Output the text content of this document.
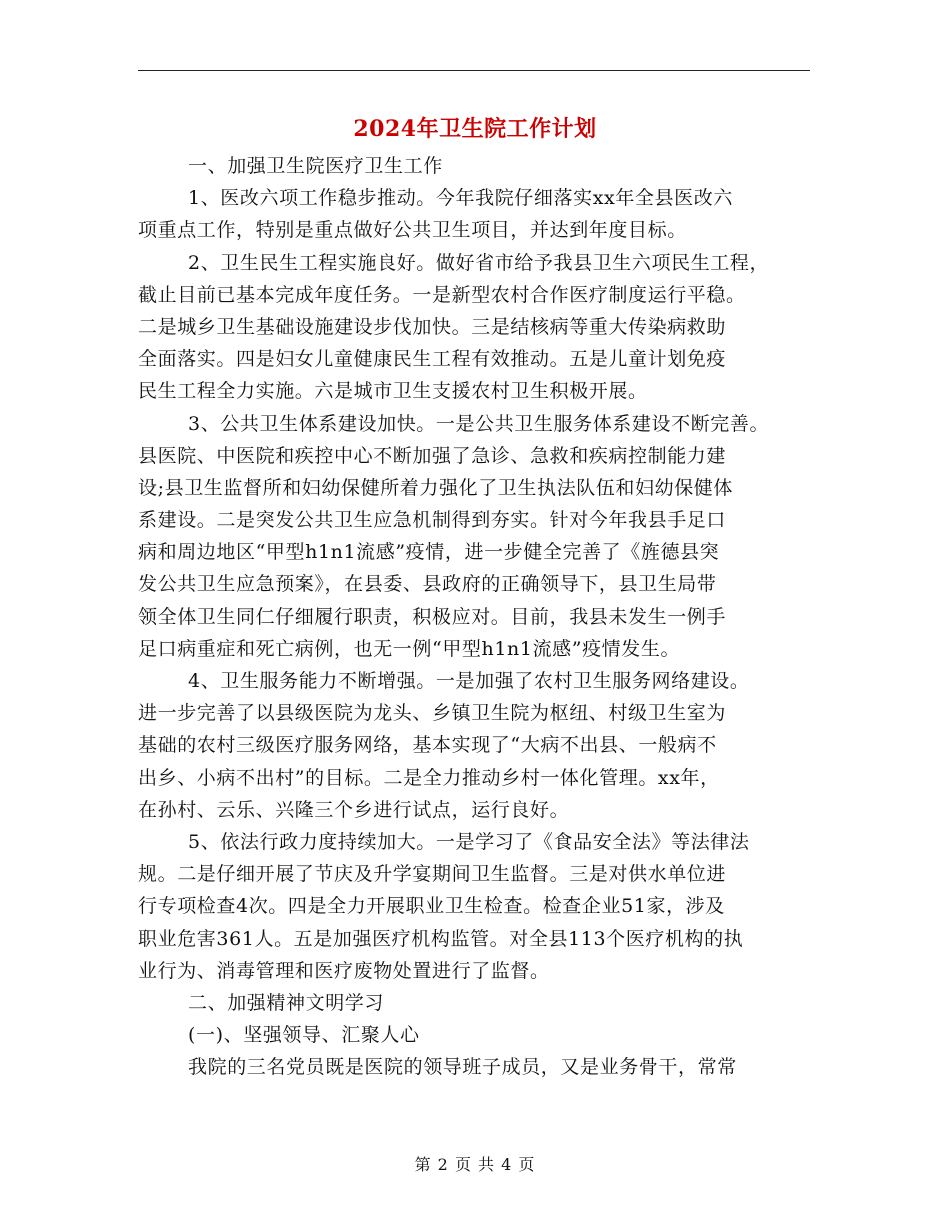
2024年卫生院工作计划
一、加强卫生院医疗卫生工作
1、医改六项工作稳步推动。今年我院仔细落实xx年全县医改六
项重点工作，特别是重点做好公共卫生项目，并达到年度目标。
2、卫生民生工程实施良好。做好省市给予我县卫生六项民生工程，
截止目前已基本完成年度任务。一是新型农村合作医疗制度运行平稳。
二是城乡卫生基础设施建设步伐加快。三是结核病等重大传染病救助
全面落实。四是妇女儿童健康民生工程有效推动。五是儿童计划免疫
民生工程全力实施。六是城市卫生支援农村卫生积极开展。
3、公共卫生体系建设加快。一是公共卫生服务体系建设不断完善。
县医院、中医院和疾控中心不断加强了急诊、急救和疾病控制能力建
设;县卫生监督所和妇幼保健所着力强化了卫生执法队伍和妇幼保健体
系建设。二是突发公共卫生应急机制得到夯实。针对今年我县手足口
病和周边地区“甲型h1n1流感”疫情，进一步健全完善了《旌德县突
发公共卫生应急预案》，在县委、县政府的正确领导下，县卫生局带
领全体卫生同仁仔细履行职责，积极应对。目前，我县未发生一例手
足口病重症和死亡病例，也无一例“甲型h1n1流感”疫情发生。
4、卫生服务能力不断增强。一是加强了农村卫生服务网络建设。
进一步完善了以县级医院为龙头、乡镇卫生院为枢纽、村级卫生室为
基础的农村三级医疗服务网络，基本实现了“大病不出县、一般病不
出乡、小病不出村”的目标。二是全力推动乡村一体化管理。xx年，
在孙村、云乐、兴隆三个乡进行试点，运行良好。
5、依法行政力度持续加大。一是学习了《食品安全法》等法律法
规。二是仔细开展了节庆及升学宴期间卫生监督。三是对供水单位进
行专项检查4次。四是全力开展职业卫生检查。检查企业51家，涉及
职业危害361人。五是加强医疗机构监管。对全县113个医疗机构的执
业行为、消毒管理和医疗废物处置进行了监督。
二、加强精神文明学习
(一)、坚强领导、汇聚人心
我院的三名党员既是医院的领导班子成员，又是业务骨干，常常
第 2 页 共 4 页
